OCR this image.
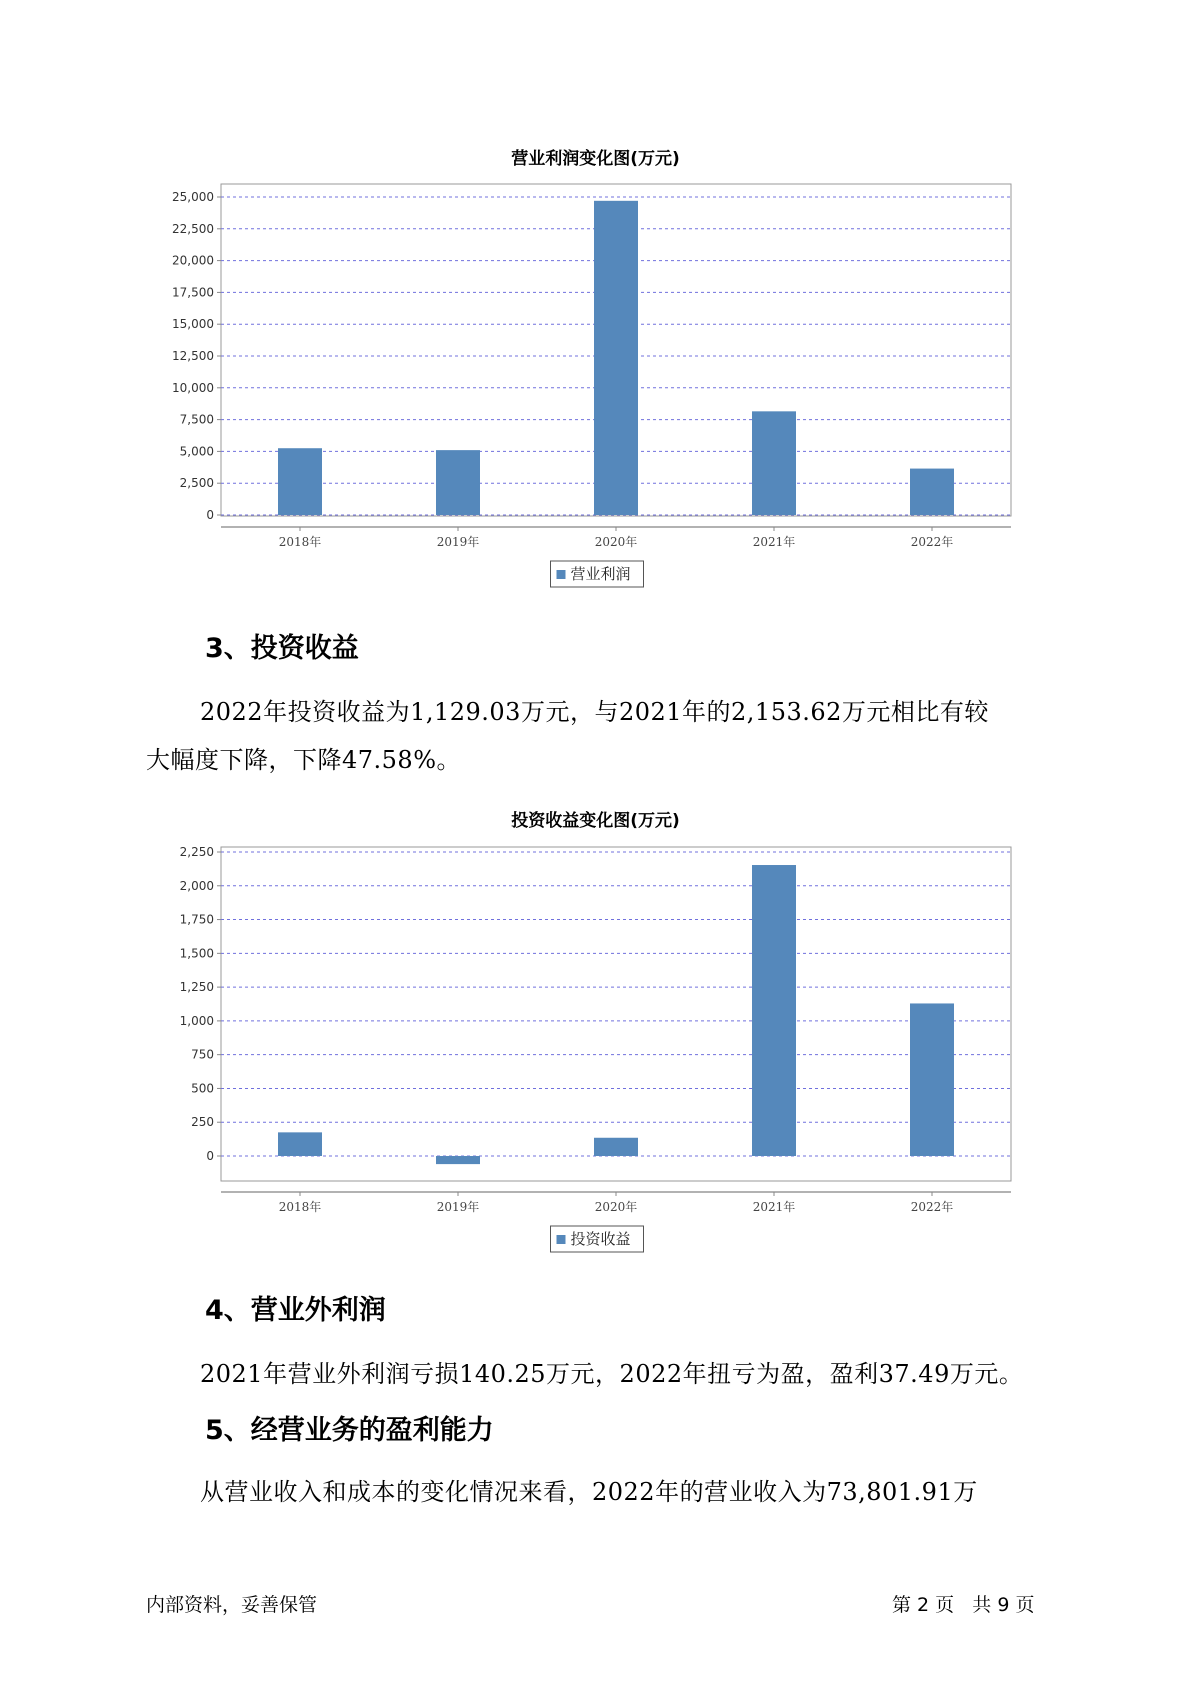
营业利润变化图(万元)
0
2,500
5,000
7,500
10,000
12,500
15,000
17,500
20,000
22,500
25,000
2018年	2019年	2020年	2021年	2022年
营业利润
3、投资收益
2022年投资收益为1,129.03万元，与2021年的2,153.62万元相比有较
大幅度下降，下降47.58%。
投资收益变化图(万元)
0
250
500
750
1,000
1,250
1,500
1,750
2,000
2,250
2018年	2019年	2020年	2021年	2022年
投资收益
4、营业外利润
2021年营业外利润亏损140.25万元，2022年扭亏为盈，盈利37.49万元。
5、经营业务的盈利能力
从营业收入和成本的变化情况来看，2022年的营业收入为73,801.91万
内部资料，妥善保管	第 2 页   共 9 页
